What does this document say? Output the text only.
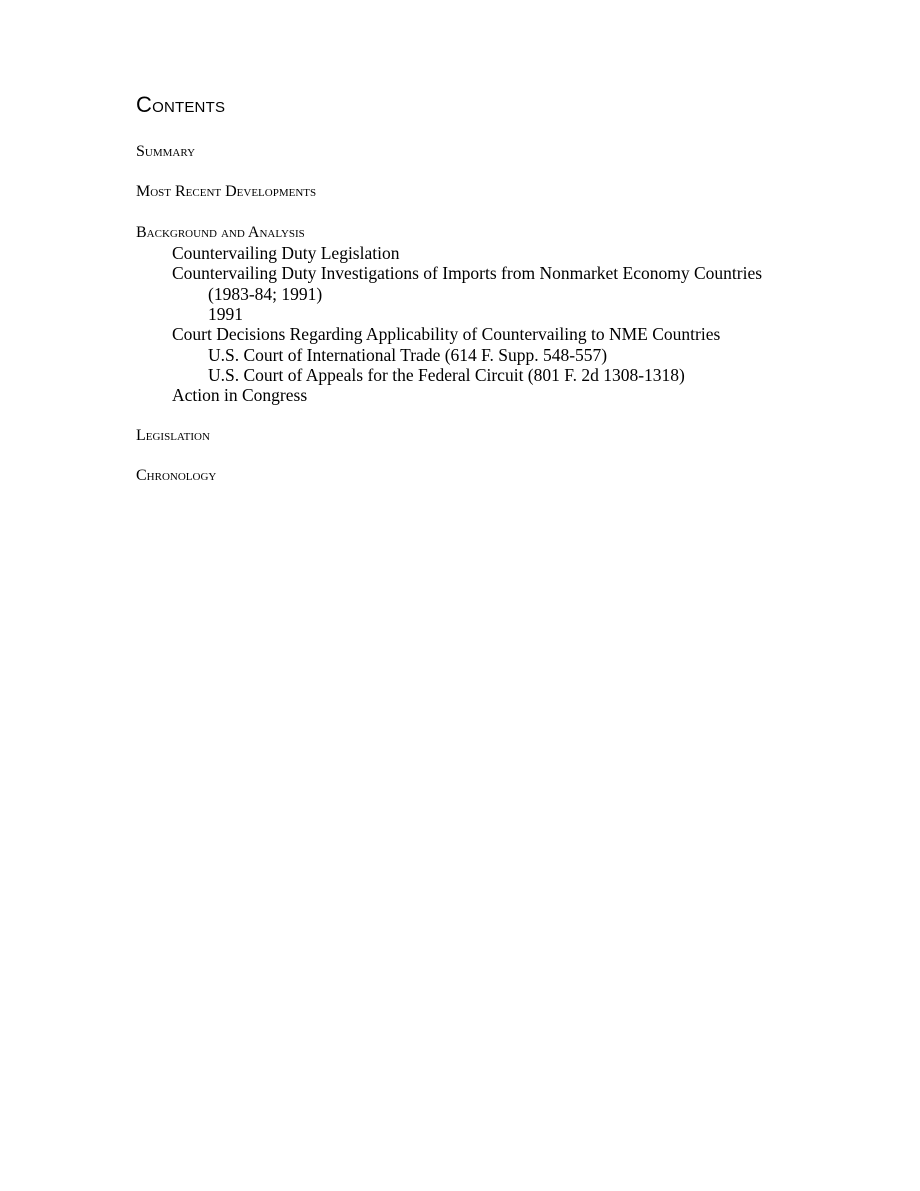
Contents
Summary
Most Recent Developments
Background and Analysis
Countervailing Duty Legislation
Countervailing Duty Investigations of Imports from Nonmarket Economy Countries
(1983-84; 1991)
1991
Court Decisions Regarding Applicability of Countervailing to NME Countries
U.S. Court of International Trade (614 F. Supp. 548-557)
U.S. Court of Appeals for the Federal Circuit (801 F. 2d 1308-1318)
Action in Congress
Legislation
Chronology
